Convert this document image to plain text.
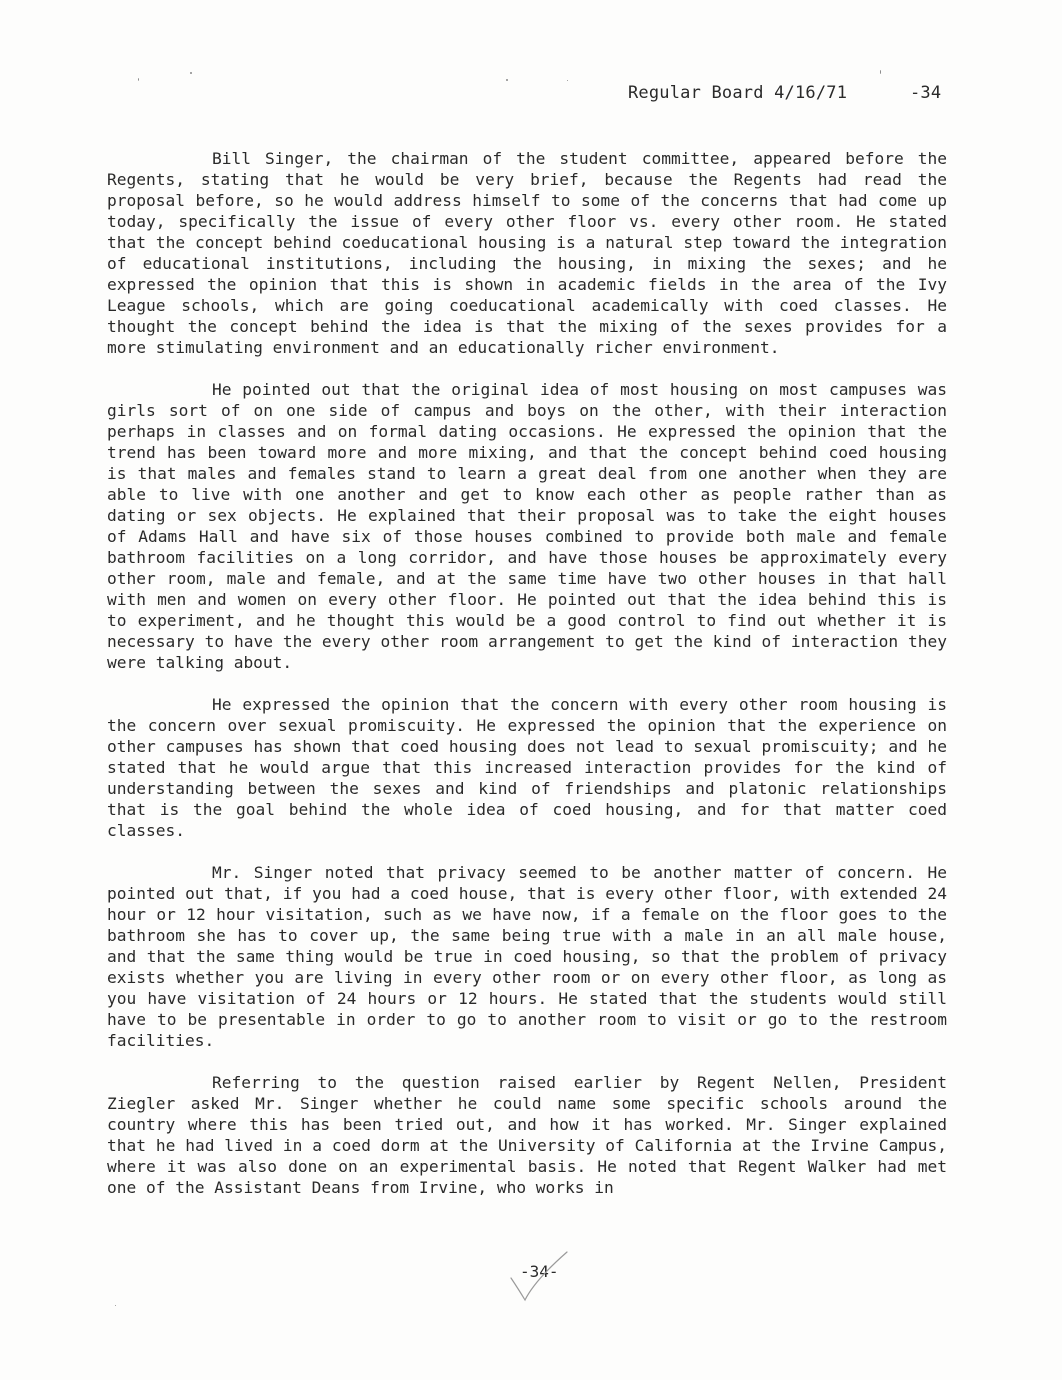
Regular Board 4/16/71	-34

Bill Singer, the chairman of the student committee, appeared before the Regents, stating that he would be very brief, because the Regents had read the proposal before, so he would address himself to some of the concerns that had come up today, specifically the issue of every other floor vs. every other room. He stated that the concept behind coeducational housing is a natural step toward the integration of educational institutions, including the housing, in mixing the sexes; and he expressed the opinion that this is shown in academic fields in the area of the Ivy League schools, which are going coeducational academically with coed classes. He thought the concept behind the idea is that the mixing of the sexes provides for a more stimulating environment and an educationally richer environment.

He pointed out that the original idea of most housing on most campuses was girls sort of on one side of campus and boys on the other, with their interaction perhaps in classes and on formal dating occasions. He expressed the opinion that the trend has been toward more and more mixing, and that the concept behind coed housing is that males and females stand to learn a great deal from one another when they are able to live with one another and get to know each other as people rather than as dating or sex objects. He explained that their proposal was to take the eight houses of Adams Hall and have six of those houses combined to provide both male and female bathroom facilities on a long corridor, and have those houses be approximately every other room, male and female, and at the same time have two other houses in that hall with men and women on every other floor. He pointed out that the idea behind this is to experiment, and he thought this would be a good control to find out whether it is necessary to have the every other room arrangement to get the kind of interaction they were talking about.

He expressed the opinion that the concern with every other room housing is the concern over sexual promiscuity. He expressed the opinion that the experience on other campuses has shown that coed housing does not lead to sexual promiscuity; and he stated that he would argue that this increased interaction provides for the kind of understanding between the sexes and kind of friendships and platonic relationships that is the goal behind the whole idea of coed housing, and for that matter coed classes.

Mr. Singer noted that privacy seemed to be another matter of concern. He pointed out that, if you had a coed house, that is every other floor, with extended 24 hour or 12 hour visitation, such as we have now, if a female on the floor goes to the bathroom she has to cover up, the same being true with a male in an all male house, and that the same thing would be true in coed housing, so that the problem of privacy exists whether you are living in every other room or on every other floor, as long as you have visitation of 24 hours or 12 hours. He stated that the students would still have to be presentable in order to go to another room to visit or go to the restroom facilities.

Referring to the question raised earlier by Regent Nellen, President Ziegler asked Mr. Singer whether he could name some specific schools around the country where this has been tried out, and how it has worked. Mr. Singer explained that he had lived in a coed dorm at the University of California at the Irvine Campus, where it was also done on an experimental basis. He noted that Regent Walker had met one of the Assistant Deans from Irvine, who works in

-34-
